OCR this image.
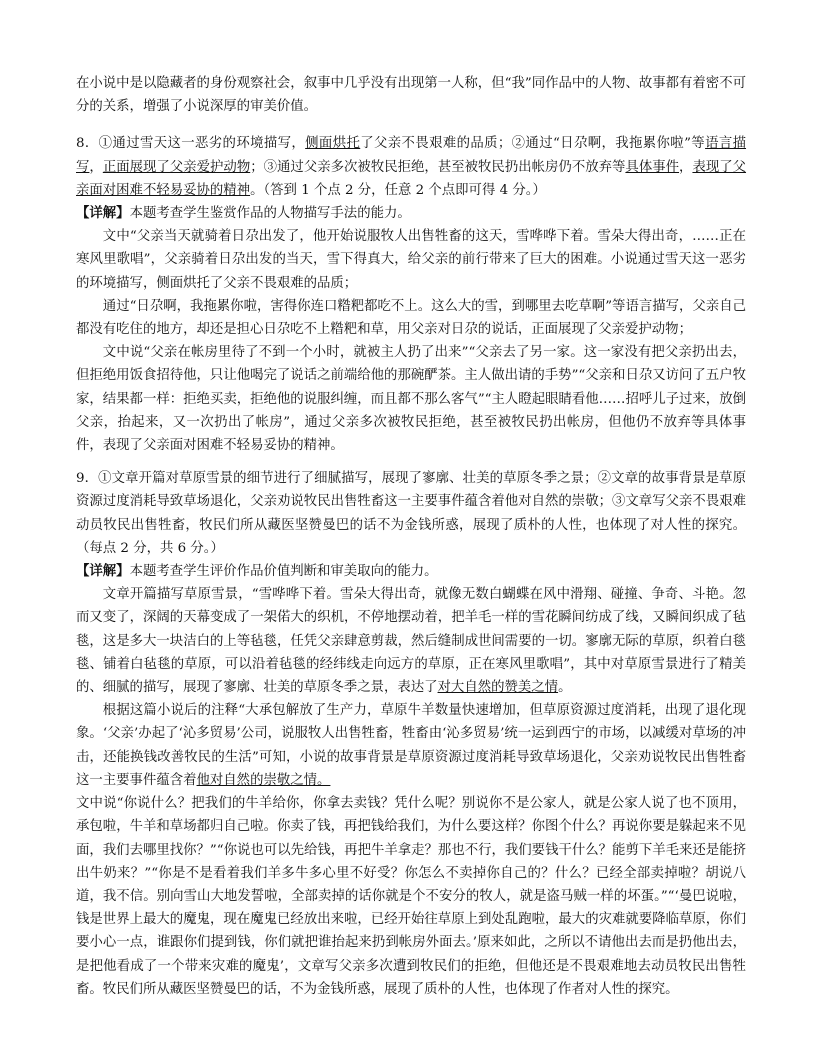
在小说中是以隐藏者的身份观察社会，叙事中几乎没有出现第一人称，但“我”同作品中的人物、故事都有着密不可分的关系，增强了小说深厚的审美价值。

8．①通过雪天这一恶劣的环境描写，侧面烘托了父亲不畏艰难的品质；②通过“日尕啊，我拖累你啦”等语言描写，正面展现了父亲爱护动物；③通过父亲多次被牧民拒绝，甚至被牧民扔出帐房仍不放弃等具体事件，表现了父亲面对困难不轻易妥协的精神。（答到 1 个点 2 分，任意 2 个点即可得 4 分。）

【详解】本题考查学生鉴赏作品的人物描写手法的能力。

文中“父亲当天就骑着日尕出发了，他开始说服牧人出售牲畜的这天，雪哗哗下着。雪朵大得出奇，……正在寒风里歌唱”，父亲骑着日尕出发的当天，雪下得真大，给父亲的前行带来了巨大的困难。小说通过雪天这一恶劣的环境描写，侧面烘托了父亲不畏艰难的品质；

通过“日尕啊，我拖累你啦，害得你连口糌粑都吃不上。这么大的雪，到哪里去吃草啊”等语言描写，父亲自己都没有吃住的地方，却还是担心日尕吃不上糌粑和草，用父亲对日尕的说话，正面展现了父亲爱护动物；

文中说“父亲在帐房里待了不到一个小时，就被主人扔了出来”“父亲去了另一家。这一家没有把父亲扔出去，但拒绝用饭食招待他，只让他喝完了说话之前端给他的那碗酽茶。主人做出请的手势”“父亲和日尕又访问了五户牧家，结果都一样：拒绝买卖，拒绝他的说服纠缠，而且都不那么客气”“主人瞪起眼睛看他……招呼儿子过来，放倒父亲，抬起来，又一次扔出了帐房”，通过父亲多次被牧民拒绝，甚至被牧民扔出帐房，但他仍不放弃等具体事件，表现了父亲面对困难不轻易妥协的精神。

9．①文章开篇对草原雪景的细节进行了细腻描写，展现了寥廓、壮美的草原冬季之景；②文章的故事背景是草原资源过度消耗导致草场退化，父亲劝说牧民出售牲畜这一主要事件蕴含着他对自然的崇敬；③文章写父亲不畏艰难动员牧民出售牲畜，牧民们所从藏医坚赞曼巴的话不为金钱所惑，展现了质朴的人性，也体现了对人性的探究。（每点 2 分，共 6 分。）

【详解】本题考查学生评价作品价值判断和审美取向的能力。

文章开篇描写草原雪景，“雪哗哗下着。雪朵大得出奇，就像无数白蝴蝶在风中滑翔、碰撞、争奇、斗艳。忽而又变了，深阔的天幕变成了一架偌大的织机，不停地摆动着，把羊毛一样的雪花瞬间纺成了线，又瞬间织成了毡毯，这是多大一块洁白的上等毡毯，任凭父亲肆意剪裁，然后缝制成世间需要的一切。寥廓无际的草原，织着白毯毯、铺着白毡毯的草原，可以沿着毡毯的经纬线走向远方的草原，正在寒风里歌唱”，其中对草原雪景进行了精美的、细腻的描写，展现了寥廓、壮美的草原冬季之景，表达了对大自然的赞美之情。

根据这篇小说后的注释“大承包解放了生产力，草原牛羊数量快速增加，但草原资源过度消耗，出现了退化现象。‘父亲’办起了‘沁多贸易’公司，说服牧人出售牲畜，牲畜由‘沁多贸易’统一运到西宁的市场，以减缓对草场的冲击，还能换钱改善牧民的生活”可知，小说的故事背景是草原资源过度消耗导致草场退化，父亲劝说牧民出售牲畜这一主要事件蕴含着他对自然的崇敬之情。

文中说“你说什么？把我们的牛羊给你，你拿去卖钱？凭什么呢？别说你不是公家人，就是公家人说了也不顶用，承包啦，牛羊和草场都归自己啦。你卖了钱，再把钱给我们，为什么要这样？你图个什么？再说你要是躲起来不见面，我们去哪里找你？”“你说也可以先给钱，再把牛羊拿走？那也不行，我们要钱干什么？能剪下羊毛来还是能挤出牛奶来？”“你是不是看着我们羊多牛多心里不好受？你怎么不卖掉你自己的？什么？已经全部卖掉啦？胡说八道，我不信。别向雪山大地发誓啦，全部卖掉的话你就是个不安分的牧人，就是盗马贼一样的坏蛋。”“‘曼巴说啦，钱是世界上最大的魔鬼，现在魔鬼已经放出来啦，已经开始往草原上到处乱跑啦，最大的灾难就要降临草原，你们要小心一点，谁跟你们提到钱，你们就把谁抬起来扔到帐房外面去。’原来如此，之所以不请他出去而是扔他出去，是把他看成了一个带来灾难的魔鬼’，文章写父亲多次遭到牧民们的拒绝，但他还是不畏艰难地去动员牧民出售牲畜。牧民们所从藏医坚赞曼巴的话，不为金钱所惑，展现了质朴的人性，也体现了作者对人性的探究。
